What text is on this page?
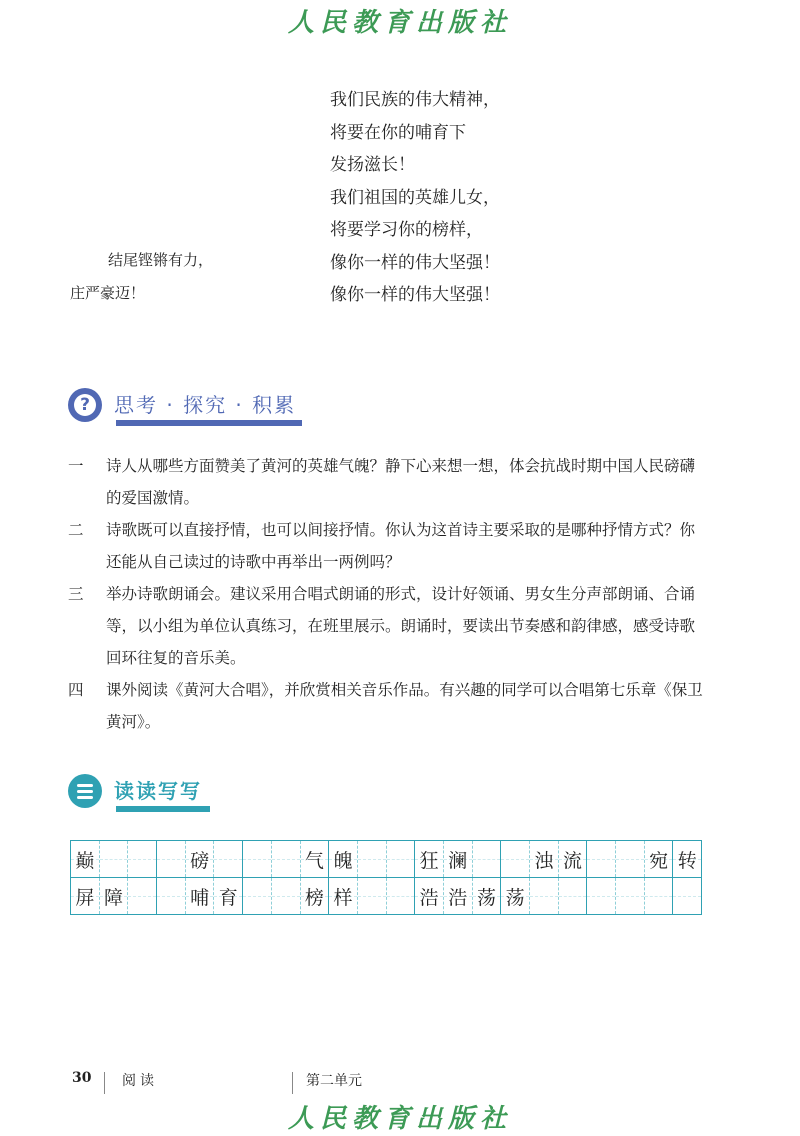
人民教育出版社
我们民族的伟大精神，
将要在你的哺育下
发扬滋长！
我们祖国的英雄儿女，
将要学习你的榜样，
像你一样的伟大坚强！
像你一样的伟大坚强！
结尾铿锵有力，
庄严豪迈！
?	思考 · 探究 · 积累
一	诗人从哪些方面赞美了黄河的英雄气魄？静下心来想一想，体会抗战时期中国人民磅礴的爱国激情。
二	诗歌既可以直接抒情，也可以间接抒情。你认为这首诗主要采取的是哪种抒情方式？你还能从自己读过的诗歌中再举出一两例吗？
三	举办诗歌朗诵会。建议采用合唱式朗诵的形式，设计好领诵、男女生分声部朗诵、合诵等，以小组为单位认真练习，在班里展示。朗诵时，要读出节奏感和韵律感，感受诗歌回环往复的音乐美。
四	课外阅读《黄河大合唱》，并欣赏相关音乐作品。有兴趣的同学可以合唱第七乐章《保卫黄河》。
读读写写
巅	磅	气 魄	狂 澜	浊 流	宛 转
屏 障	哺 育	榜 样	浩 浩 荡 荡
30 阅读	第二单元
人民教育出版社
